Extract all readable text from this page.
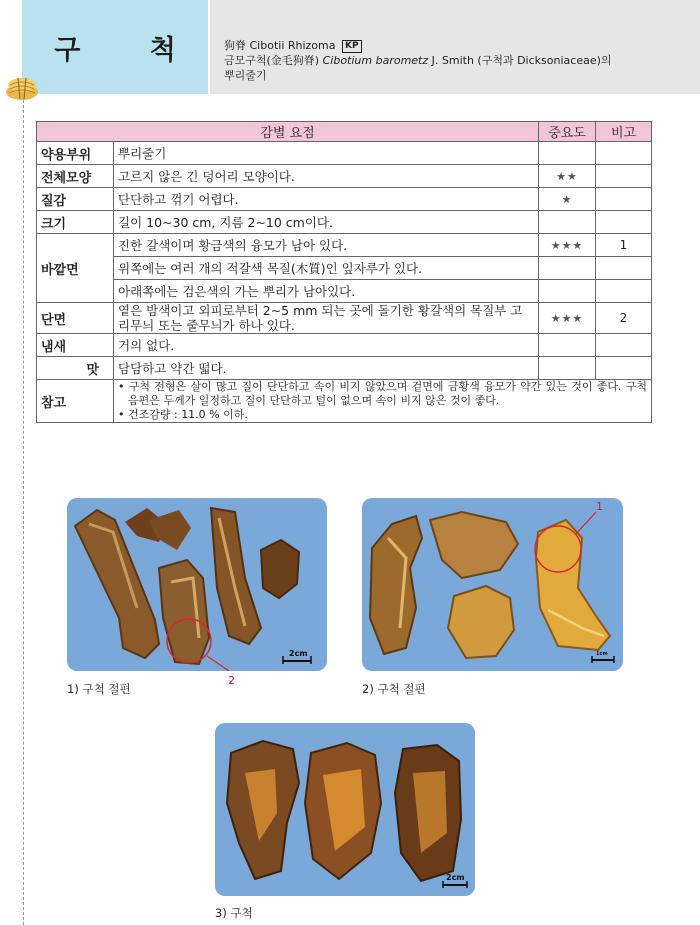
구 척 狗脊 Cibotii Rhizoma KP
금모구척(金毛狗脊) Cibotium barometz J. Smith (구척과 Dicksoniaceae)의
뿌리줄기
감별 요점		중요도	비고
약용부위	뿌리줄기		
전체모양	고르지 않은 긴 덩어리 모양이다.	★★	
질감	단단하고 꺾기 어렵다.	★	
크기	길이 10∼30 cm, 지름 2∼10 cm이다.		
바깥면	진한 갈색이며 황금색의 융모가 남아 있다.	★★★	1
	위쪽에는 여러 개의 적갈색 목질(木質)인 잎자루가 있다.		
	아래쪽에는 검은색의 가는 뿌리가 남아있다.		
단면	옅은 밤색이고 외피로부터 2∼5 mm 되는 곳에 돌기한 황갈색의 목질부 고리무늬 또는 줄무늬가 하나 있다.	★★★	2
냄새	거의 없다.		
맛	담담하고 약간 떫다.		
참고	• 구척 전형은 살이 많고 질이 단단하고 속이 비지 않았으며 겉면에 금황색 융모가 약간 있는 것이 좋다. 구척 음편은 두께가 일정하고 질이 단단하고 털이 없으며 속이 비지 않은 것이 좋다.
• 건조감량 : 11.0 % 이하.		
2cm
2
1) 구척 절편
1cm
1
2) 구척 절편
2cm
3) 구척
